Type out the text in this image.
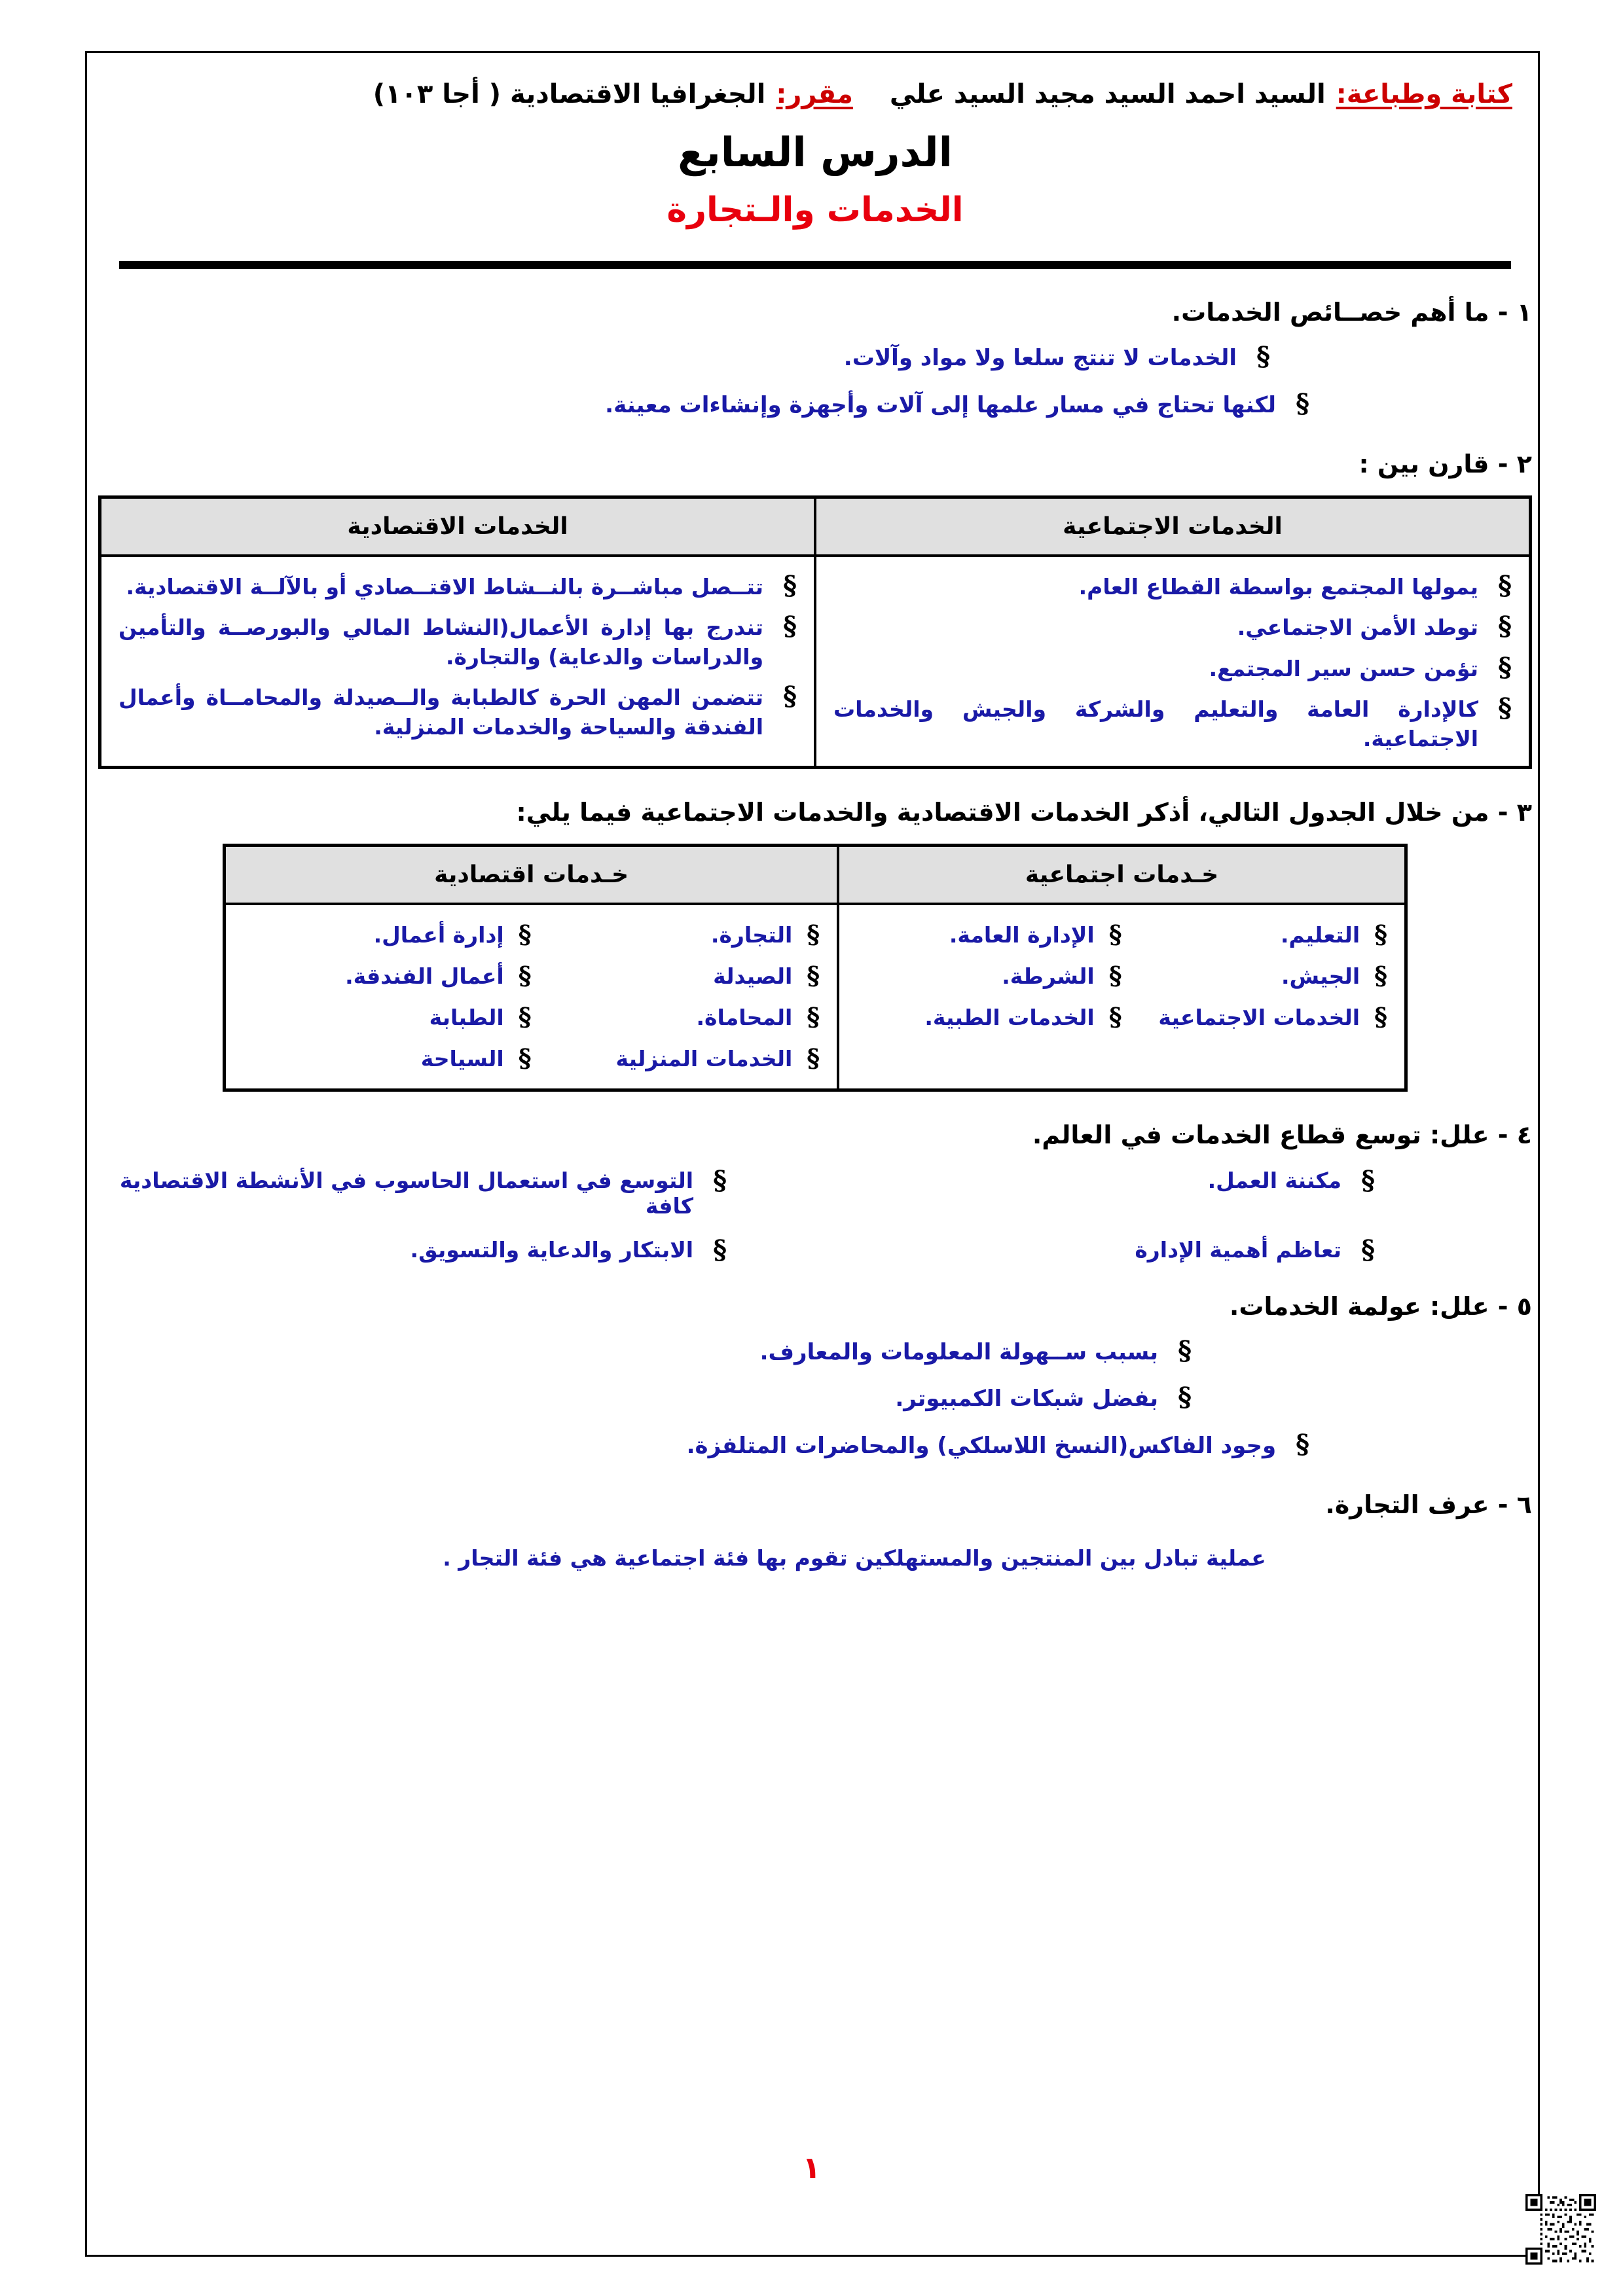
كتابة وطباعة:
السيد احمد السيد مجيد السيد علي
مقرر:
الجغرافيا الاقتصادية ( أجا ١٠٣)
الدرس السابع
الخدمات والـتجارة
١ - ما أهم خصــائص الخدمات.
§
الخدمات لا تنتج سلعا ولا مواد وآلات.
§
لكنها تحتاج في مسار علمها إلى آلات وأجهزة وإنشاءات معينة.
٢ - قارن بين :
الخدمات الاجتماعية	الخدمات الاقتصادية

§
يمولها المجتمع بواسطة القطاع العام.
§
توطد الأمن الاجتماعي.
§
تؤمن حسن سير المجتمع.
§
كالإدارة العامة والتعليم والشركة والجيش والخدمات الاجتماعية.

§
تتــصل مباشــرة بالنــشاط الاقتــصادي أو بالآلــة الاقتصادية.
§
تندرج بها إدارة الأعمال(النشاط المالي والبورصــة والتأمين والدراسات والدعاية) والتجارة.
§
تتضمن المهن الحرة كالطبابة والــصيدلة والمحامــاة وأعمال الفندقة والسياحة والخدمات المنزلية.
٣ - من خلال الجدول التالي، أذكر الخدمات الاقتصادية والخدمات الاجتماعية فيما يلي:
خـدمات اجتماعية	خـدمات اقتصادية

§
التعليم.
§
الإدارة العامة.
§
الجيش.
§
الشرطة.
§
الخدمات الاجتماعية
§
الخدمات الطبية.

§
التجارة.
§
إدارة أعمال.
§
الصيدلة
§
أعمال الفندقة.
§
المحاماة.
§
الطبابة
§
الخدمات المنزلية
§
السياحة
٤ - علل: توسع قطاع الخدمات في العالم.
§
مكننة العمل.
§
التوسع في استعمال الحاسوب في الأنشطة الاقتصادية كافة
§
تعاظم أهمية الإدارة
§
الابتكار والدعاية والتسويق.
٥ - علل: عولمة الخدمات.
§
بسبب ســهولة المعلومات والمعارف.
§
بفضل شبكات الكمبيوتر.
§
وجود الفاكس(النسخ اللاسلكي) والمحاضرات المتلفزة.
٦ - عرف التجارة.
عملية تبادل بين المنتجين والمستهلكين تقوم بها فئة اجتماعية هي فئة التجار .
١
